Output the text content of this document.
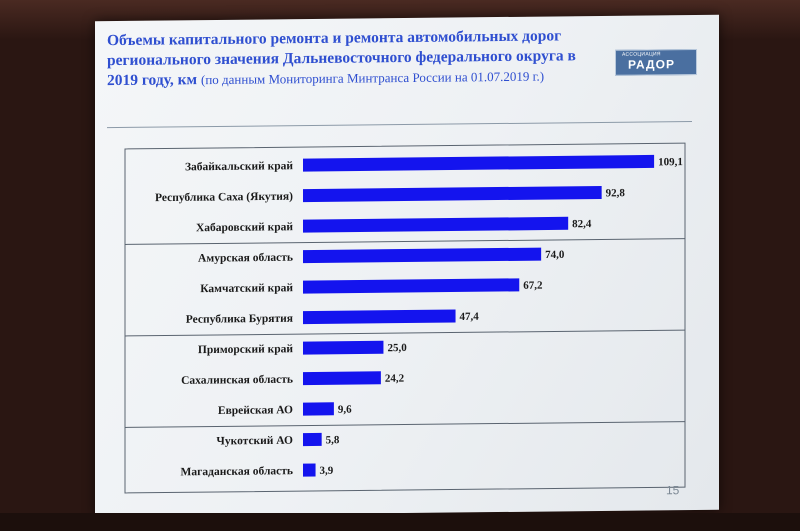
Объемы капитального ремонта и ремонта автомобильных дорог регионального значения Дальневосточного федерального округа в 2019 году, км (по данным Мониторинга Минтранса России на 01.07.2019 г.)
АССОЦИАЦИЯ
РАДОР
Забайкальский край	109,1
Республика Саха (Якутия)	92,8
Хабаровский край	82,4
Амурская область	74,0
Камчатский край	67,2
Республика Бурятия	47,4
Приморский край	25,0
Сахалинская область	24,2
Еврейская АО	9,6
Чукотский АО	5,8
Магаданская область 3,9
15
